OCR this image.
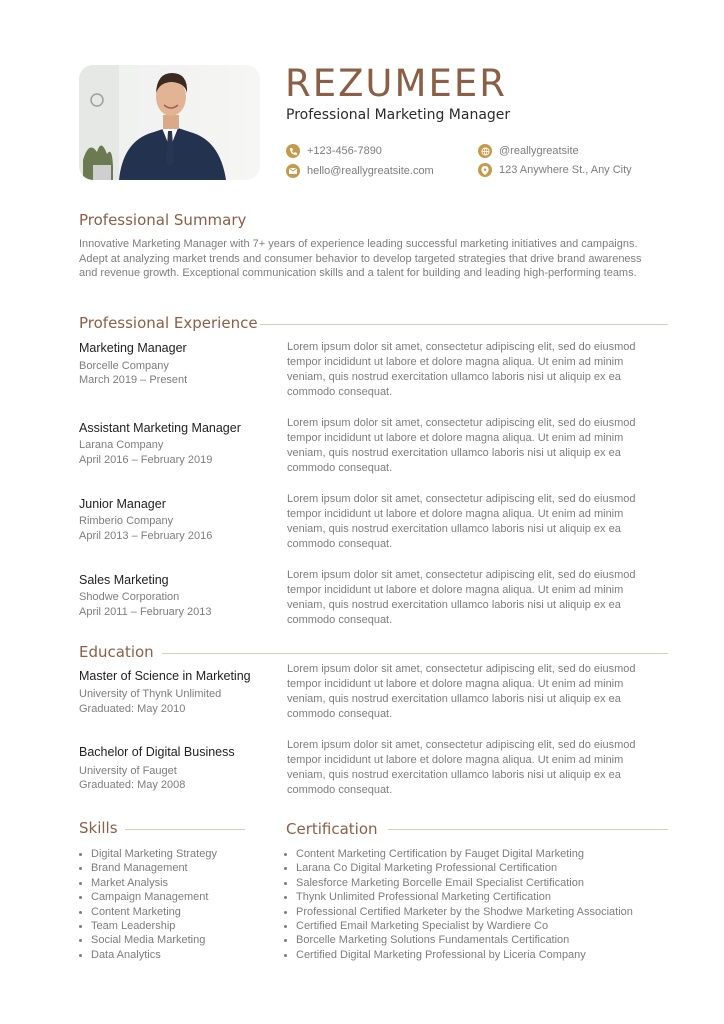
REZUMEER
Professional Marketing Manager
+123-456-7890
hello@reallygreatsite.com
@reallygreatsite
123 Anywhere St., Any City
Professional Summary
Innovative Marketing Manager with 7+ years of experience leading successful marketing initiatives and campaigns. Adept at analyzing market trends and consumer behavior to develop targeted strategies that drive brand awareness and revenue growth. Exceptional communication skills and a talent for building and leading high-performing teams.
Professional Experience
Marketing Manager
Borcelle Company
March 2019 – Present
Lorem ipsum dolor sit amet, consectetur adipiscing elit, sed do eiusmod tempor incididunt ut labore et dolore magna aliqua. Ut enim ad minim veniam, quis nostrud exercitation ullamco laboris nisi ut aliquip ex ea commodo consequat.
Assistant Marketing Manager
Larana Company
April 2016 – February 2019
Lorem ipsum dolor sit amet, consectetur adipiscing elit, sed do eiusmod tempor incididunt ut labore et dolore magna aliqua. Ut enim ad minim veniam, quis nostrud exercitation ullamco laboris nisi ut aliquip ex ea commodo consequat.
Junior Manager
Rimberio Company
April 2013 – February 2016
Lorem ipsum dolor sit amet, consectetur adipiscing elit, sed do eiusmod tempor incididunt ut labore et dolore magna aliqua. Ut enim ad minim veniam, quis nostrud exercitation ullamco laboris nisi ut aliquip ex ea commodo consequat.
Sales Marketing
Shodwe Corporation
April 2011 – February 2013
Lorem ipsum dolor sit amet, consectetur adipiscing elit, sed do eiusmod tempor incididunt ut labore et dolore magna aliqua. Ut enim ad minim veniam, quis nostrud exercitation ullamco laboris nisi ut aliquip ex ea commodo consequat.
Education
Master of Science in Marketing
University of Thynk Unlimited
Graduated: May 2010
Lorem ipsum dolor sit amet, consectetur adipiscing elit, sed do eiusmod tempor incididunt ut labore et dolore magna aliqua. Ut enim ad minim veniam, quis nostrud exercitation ullamco laboris nisi ut aliquip ex ea commodo consequat.
Bachelor of Digital Business
University of Fauget
Graduated: May 2008
Lorem ipsum dolor sit amet, consectetur adipiscing elit, sed do eiusmod tempor incididunt ut labore et dolore magna aliqua. Ut enim ad minim veniam, quis nostrud exercitation ullamco laboris nisi ut aliquip ex ea commodo consequat.
Skills
Digital Marketing Strategy
Brand Management
Market Analysis
Campaign Management
Content Marketing
Team Leadership
Social Media Marketing
Data Analytics
Certification
Content Marketing Certification by Fauget Digital Marketing
Larana Co Digital Marketing Professional Certification
Salesforce Marketing Borcelle Email Specialist Certification
Thynk Unlimited Professional Marketing Certification
Professional Certified Marketer by the Shodwe Marketing Association
Certified Email Marketing Specialist by Wardiere Co
Borcelle Marketing Solutions Fundamentals Certification
Certified Digital Marketing Professional by Liceria Company
